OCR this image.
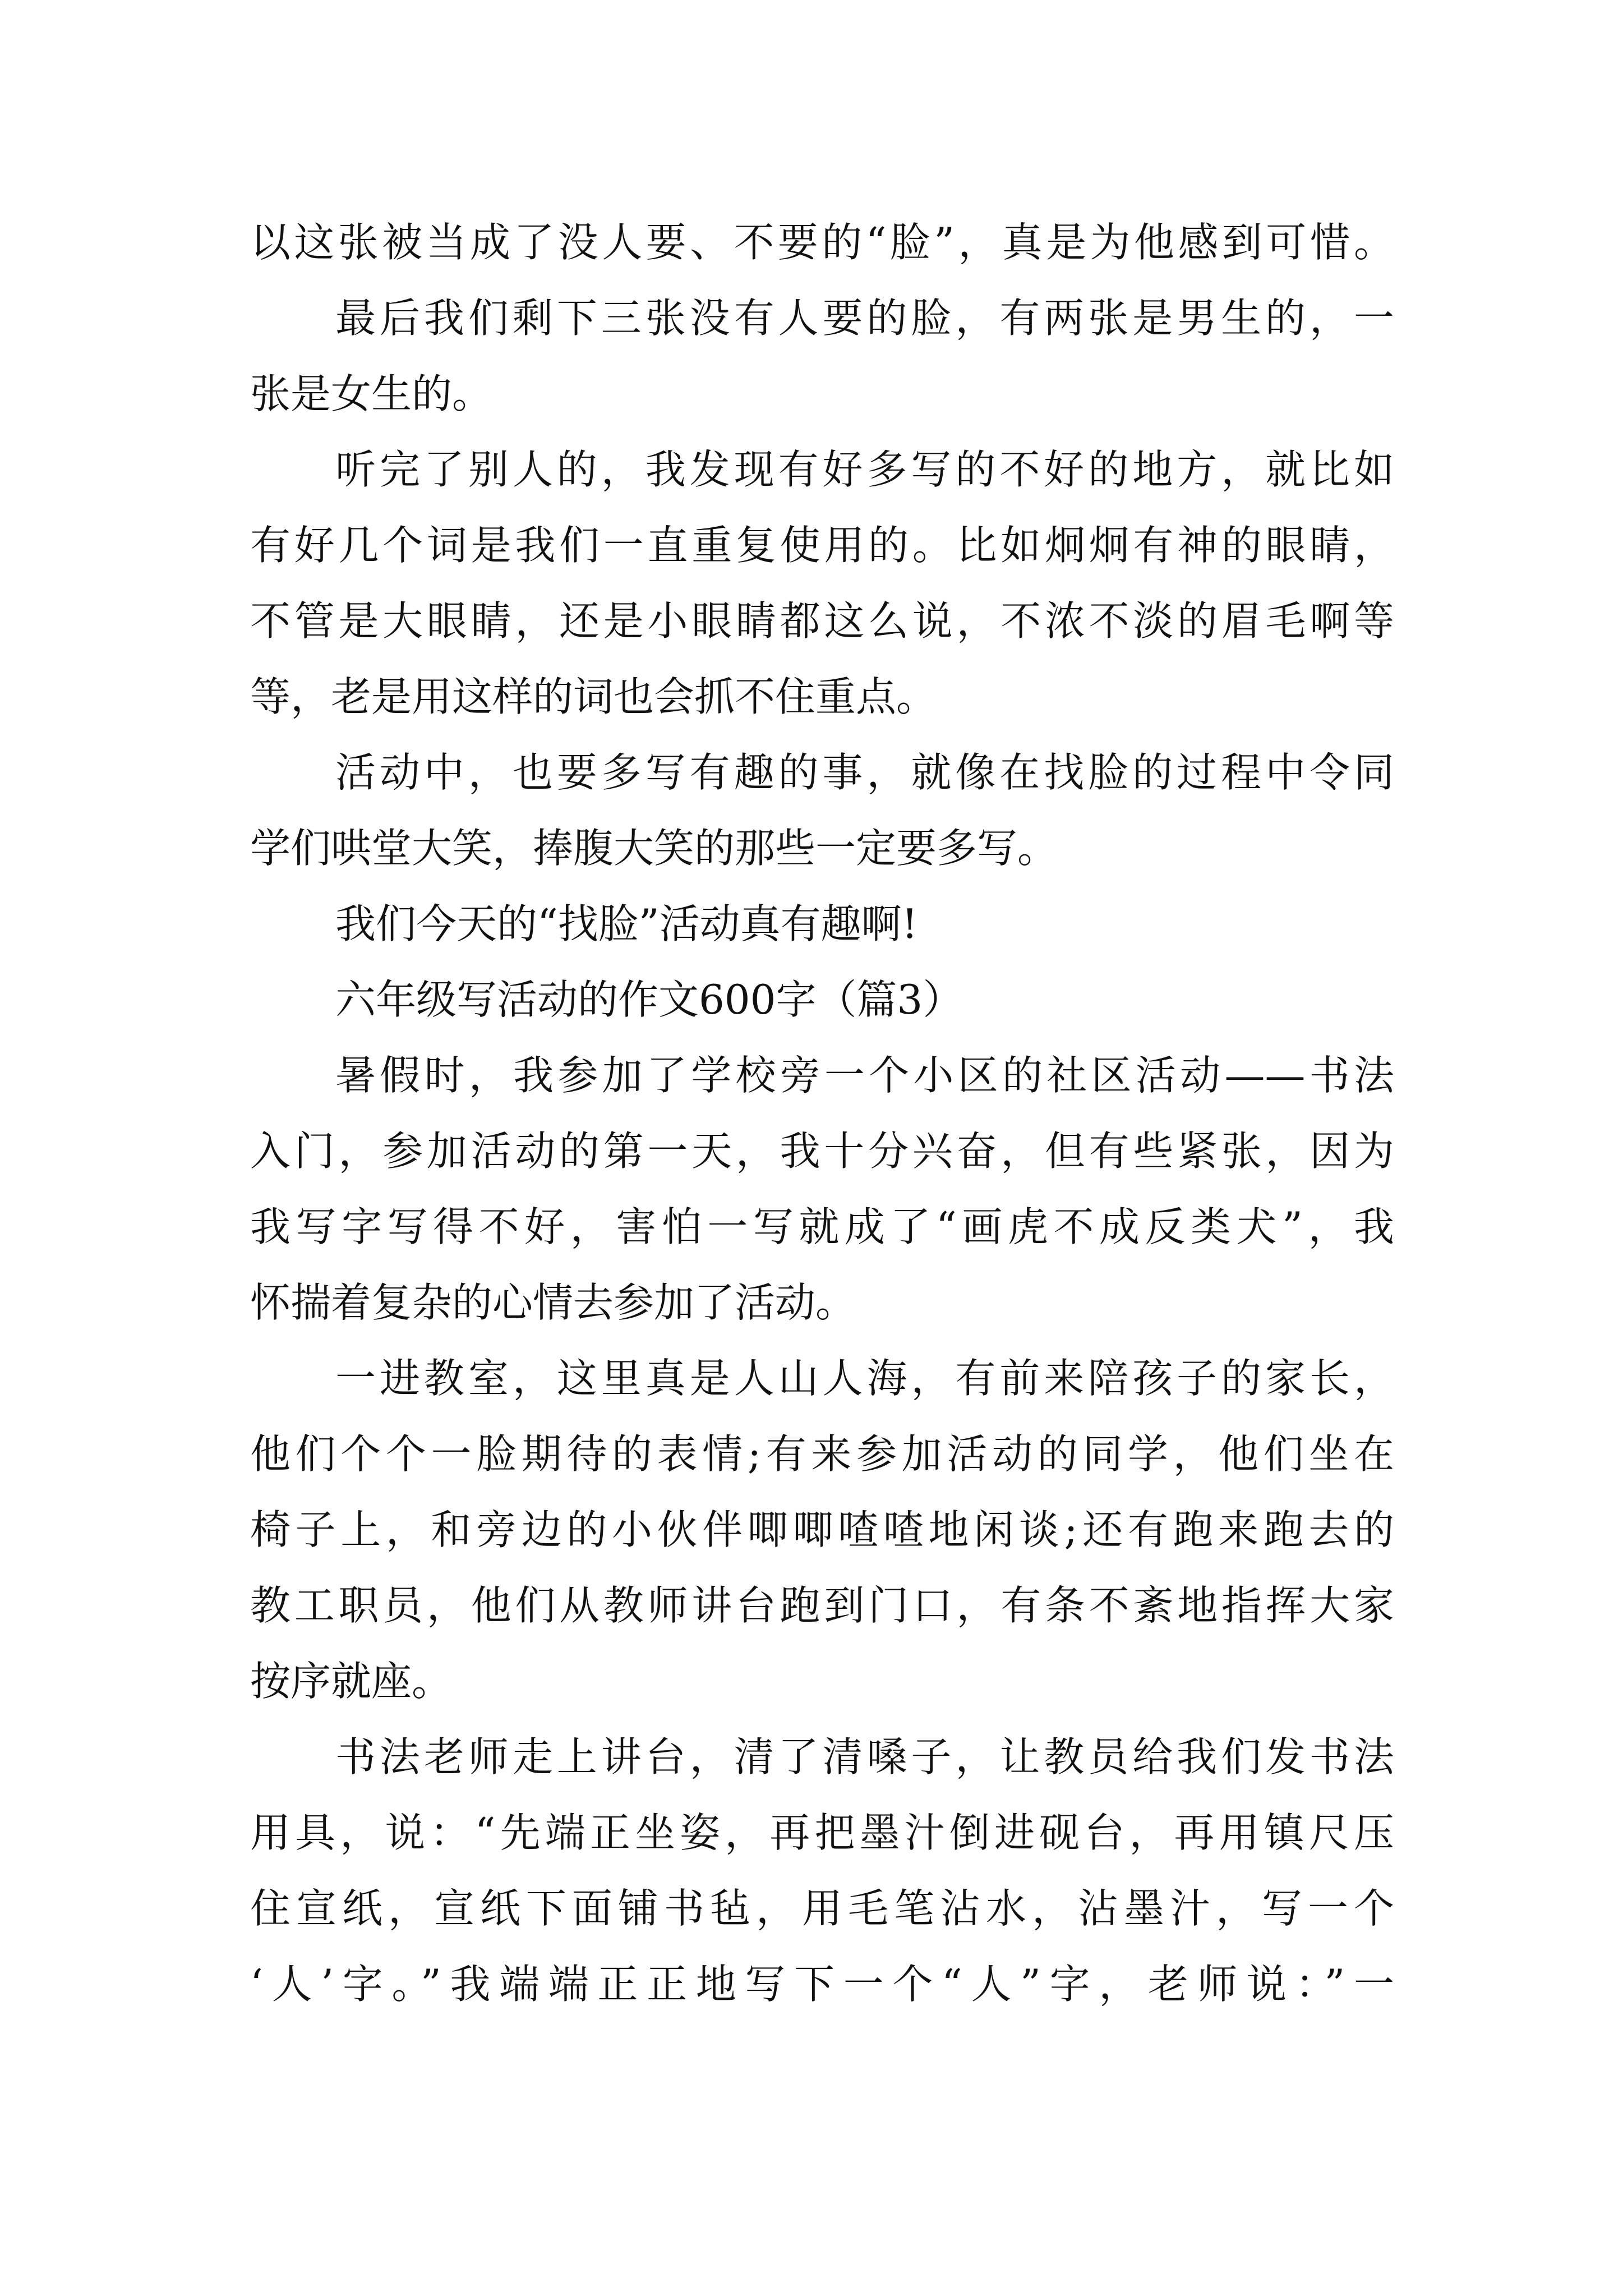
以这张被当成了没人要、不要的“脸”，真是为他感到可惜。
最后我们剩下三张没有人要的脸，有两张是男生的，一
张是女生的。
听完了别人的，我发现有好多写的不好的地方，就比如
有好几个词是我们一直重复使用的。比如炯炯有神的眼睛，
不管是大眼睛，还是小眼睛都这么说，不浓不淡的眉毛啊等
等，老是用这样的词也会抓不住重点。
活动中，也要多写有趣的事，就像在找脸的过程中令同
学们哄堂大笑，捧腹大笑的那些一定要多写。
我们今天的“找脸”活动真有趣啊!
六年级写活动的作文600字（篇3）
暑假时，我参加了学校旁一个小区的社区活动——书法
入门，参加活动的第一天，我十分兴奋，但有些紧张，因为
我写字写得不好，害怕一写就成了“画虎不成反类犬”，我
怀揣着复杂的心情去参加了活动。
一进教室，这里真是人山人海，有前来陪孩子的家长，
他们个个一脸期待的表情;有来参加活动的同学，他们坐在
椅子上，和旁边的小伙伴唧唧喳喳地闲谈;还有跑来跑去的
教工职员，他们从教师讲台跑到门口，有条不紊地指挥大家
按序就座。
书法老师走上讲台，清了清嗓子，让教员给我们发书法
用具，说：“先端正坐姿，再把墨汁倒进砚台，再用镇尺压
住宣纸，宣纸下面铺书毡，用毛笔沾水，沾墨汁，写一个
‘人’字。”我端端正正地写下一个“人”字，老师说：”一
